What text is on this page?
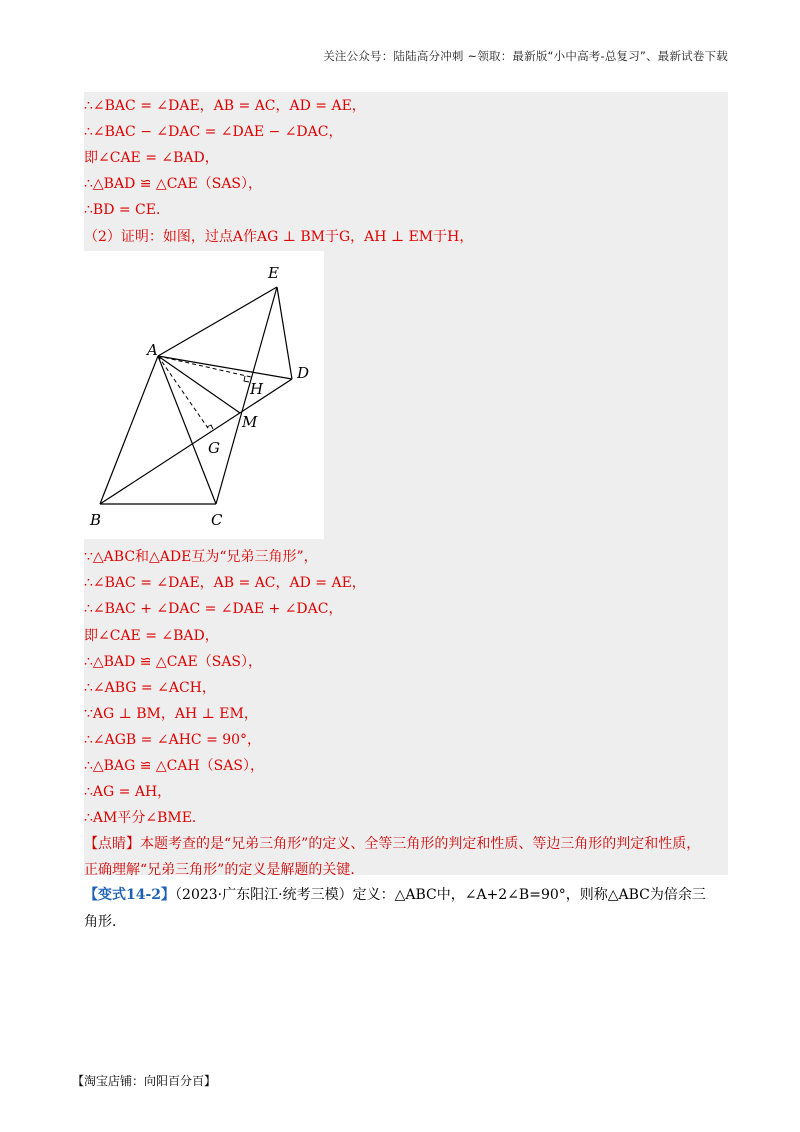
关注公众号：陆陆高分冲刺 ~领取：最新版“小中高考-总复习”、最新试卷下载
∴∠BAC = ∠DAE，AB = AC，AD = AE，
∴∠BAC − ∠DAC = ∠DAE − ∠DAC，
即∠CAE = ∠BAD，
∴△BAD ≌ △CAE（SAS），
∴BD = CE．
（2）证明：如图，过点A作AG ⊥ BM于G，AH ⊥ EM于H，
A
B	C
D
E
M
G
H
∵△ABC和△ADE互为“兄弟三角形”，
∴∠BAC = ∠DAE，AB = AC，AD = AE，
∴∠BAC + ∠DAC = ∠DAE + ∠DAC，
即∠CAE = ∠BAD，
∴△BAD ≌ △CAE（SAS），
∴∠ABG = ∠ACH，
∵AG ⊥ BM，AH ⊥ EM，
∴∠AGB = ∠AHC = 90°，
∴△BAG ≌ △CAH（SAS），
∴AG = AH，
∴AM平分∠BME．
【点睛】本题考查的是“兄弟三角形”的定义、全等三角形的判定和性质、等边三角形的判定和性质，
正确理解“兄弟三角形”的定义是解题的关键．
【变式14-2】（2023·广东阳江·统考三模）定义：△ABC中，∠A+2∠B=90°，则称△ABC为倍余三
角形．
【淘宝店铺：向阳百分百】
